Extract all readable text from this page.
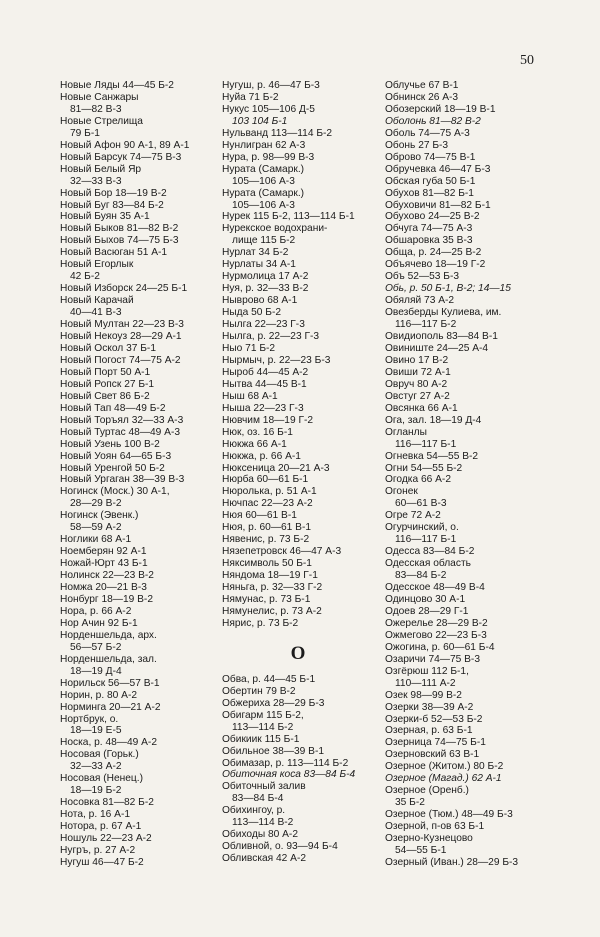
50
Новые Ляды 44—45 Б-2
Новые Санжары
81—82 В-3
Новые Стрелища
79 Б-1
Новый Афон 90 А-1, 89 А-1
Новый Барсук 74—75 В-3
Новый Белый Яр
32—33 В-3
Новый Бор 18—19 В-2
Новый Буг 83—84 Б-2
Новый Буян 35 А-1
Новый Быков 81—82 В-2
Новый Быхов 74—75 Б-3
Новый Васюган 51 А-1
Новый Егорлык
42 Б-2
Новый Изборск 24—25 Б-1
Новый Карачай
40—41 В-3
Новый Мултан 22—23 В-3
Новый Некоуз 28—29 А-1
Новый Оскол 37 Б-1
Новый Погост 74—75 А-2
Новый Порт 50 А-1
Новый Ропск 27 Б-1
Новый Свет 86 Б-2
Новый Тап 48—49 Б-2
Новый Торъял 32—33 А-3
Новый Туртас 48—49 А-3
Новый Узень 100 В-2
Новый Уоян 64—65 Б-3
Новый Уренгой 50 Б-2
Новый Ургаган 38—39 В-3
Ногинск (Моск.) 30 А-1,
28—29 В-2
Ногинск (Эвенк.)
58—59 А-2
Ноглики 68 А-1
Ноемберян 92 А-1
Ножай-Юрт 43 Б-1
Нолинск 22—23 В-2
Номжа 20—21 В-3
Нонбург 18—19 В-2
Нора, р. 66 А-2
Нор Ачин 92 Б-1
Норденшельда, арх.
56—57 Б-2
Норденшельда, зал.
18—19 Д-4
Норильск 56—57 В-1
Норин, р. 80 А-2
Норминга 20—21 А-2
Нортбрук, о.
18—19 Е-5
Носка, р. 48—49 А-2
Носовая (Горьк.)
32—33 А-2
Носовая (Ненец.)
18—19 Б-2
Носовка 81—82 Б-2
Нота, р. 16 А-1
Нотора, р. 67 А-1
Ношуль 22—23 А-2
Нугръ, р. 27 А-2
Нугуш 46—47 Б-2
Нугуш, р. 46—47 Б-3
Нуйа 71 Б-2
Нукус 105—106 Д-5
103 104 Б-1
Нульванд 113—114 Б-2
Нунлигран 62 А-3
Нура, р. 98—99 В-3
Нурата (Самарк.)
105—106 А-3
Нурата (Самарк.)
105—106 А-3
Нурек 115 Б-2, 113—114 Б-1
Нурекское водохрани-
лище 115 Б-2
Нурлат 34 Б-2
Нурлаты 34 А-1
Нурмолица 17 А-2
Нуя, р. 32—33 В-2
Ныврово 68 А-1
Ныда 50 Б-2
Нылга 22—23 Г-3
Нылга, р. 22—23 Г-3
Ныо 71 Б-2
Нырмыч, р. 22—23 Б-3
Ныроб 44—45 А-2
Нытва 44—45 В-1
Ныш 68 А-1
Ныша 22—23 Г-3
Нювчим 18—19 Г-2
Нюк, оз. 16 Б-1
Нюкжа 66 А-1
Нюкжа, р. 66 А-1
Нюксеница 20—21 А-3
Нюрба 60—61 Б-1
Нюролька, р. 51 А-1
Нючпас 22—23 А-2
Нюя 60—61 В-1
Нюя, р. 60—61 В-1
Нявенис, р. 73 Б-2
Нязепетровск 46—47 А-3
Няксимволь 50 Б-1
Няндома 18—19 Г-1
Няньга, р. 32—33 Г-2
Нямунас, р. 73 Б-1
Нямунелис, р. 73 А-2
Нярис, р. 73 Б-2
О
Обва, р. 44—45 Б-1
Обертин 79 В-2
Обжериха 28—29 Б-3
Обигарм 115 Б-2,
113—114 Б-2
Обикиик 115 Б-1
Обильное 38—39 В-1
Обимазар, р. 113—114 Б-2
Обиточная коса 83—84 Б-4
Обиточный залив
83—84 Б-4
Обихингоу, р.
113—114 В-2
Обиходы 80 А-2
Обливной, о. 93—94 Б-4
Обливская 42 А-2
Облучье 67 В-1
Обнинск 26 А-3
Обозерский 18—19 В-1
Оболонь 81—82 В-2
Оболь 74—75 А-3
Обонь 27 Б-3
Оброво 74—75 В-1
Обручевка 46—47 Б-3
Обская губа 50 Б-1
Обухов 81—82 Б-1
Обуховичи 81—82 Б-1
Обухово 24—25 В-2
Обчуга 74—75 А-3
Обшаровка 35 В-3
Обща, р. 24—25 В-2
Объячево 18—19 Г-2
Объ 52—53 Б-3
Обь, р. 50 Б-1, В-2; 14—15
Обяляй 73 А-2
Овезберды Кулиева, им.
116—117 Б-2
Овидиополь 83—84 В-1
Овиниште 24—25 А-4
Овино 17 В-2
Овиши 72 А-1
Овруч 80 А-2
Овстуг 27 А-2
Овсянка 66 А-1
Ога, зал. 18—19 Д-4
Огланлы
116—117 Б-1
Огневка 54—55 В-2
Огни 54—55 Б-2
Огодка 66 А-2
Огонек
60—61 В-3
Огре 72 А-2
Огурчинский, о.
116—117 Б-1
Одесса 83—84 Б-2
Одесская область
83—84 Б-2
Одесское 48—49 В-4
Одинцово 30 А-1
Одоев 28—29 Г-1
Ожерелье 28—29 В-2
Ожмегово 22—23 Б-3
Ожогина, р. 60—61 Б-4
Озаричи 74—75 В-3
Озгёрюш 112 Б-1,
110—111 А-2
Озек 98—99 В-2
Озерки 38—39 А-2
Озерки-б 52—53 Б-2
Озерная, р. 63 Б-1
Озерница 74—75 Б-1
Озерновский 63 В-1
Озерное (Житом.) 80 Б-2
Озерное (Магад.) 62 А-1
Озерное (Оренб.)
35 Б-2
Озерное (Тюм.) 48—49 Б-3
Озерной, п-ов 63 Б-1
Озерно-Кузнецово
54—55 Б-1
Озерный (Иван.) 28—29 Б-3
